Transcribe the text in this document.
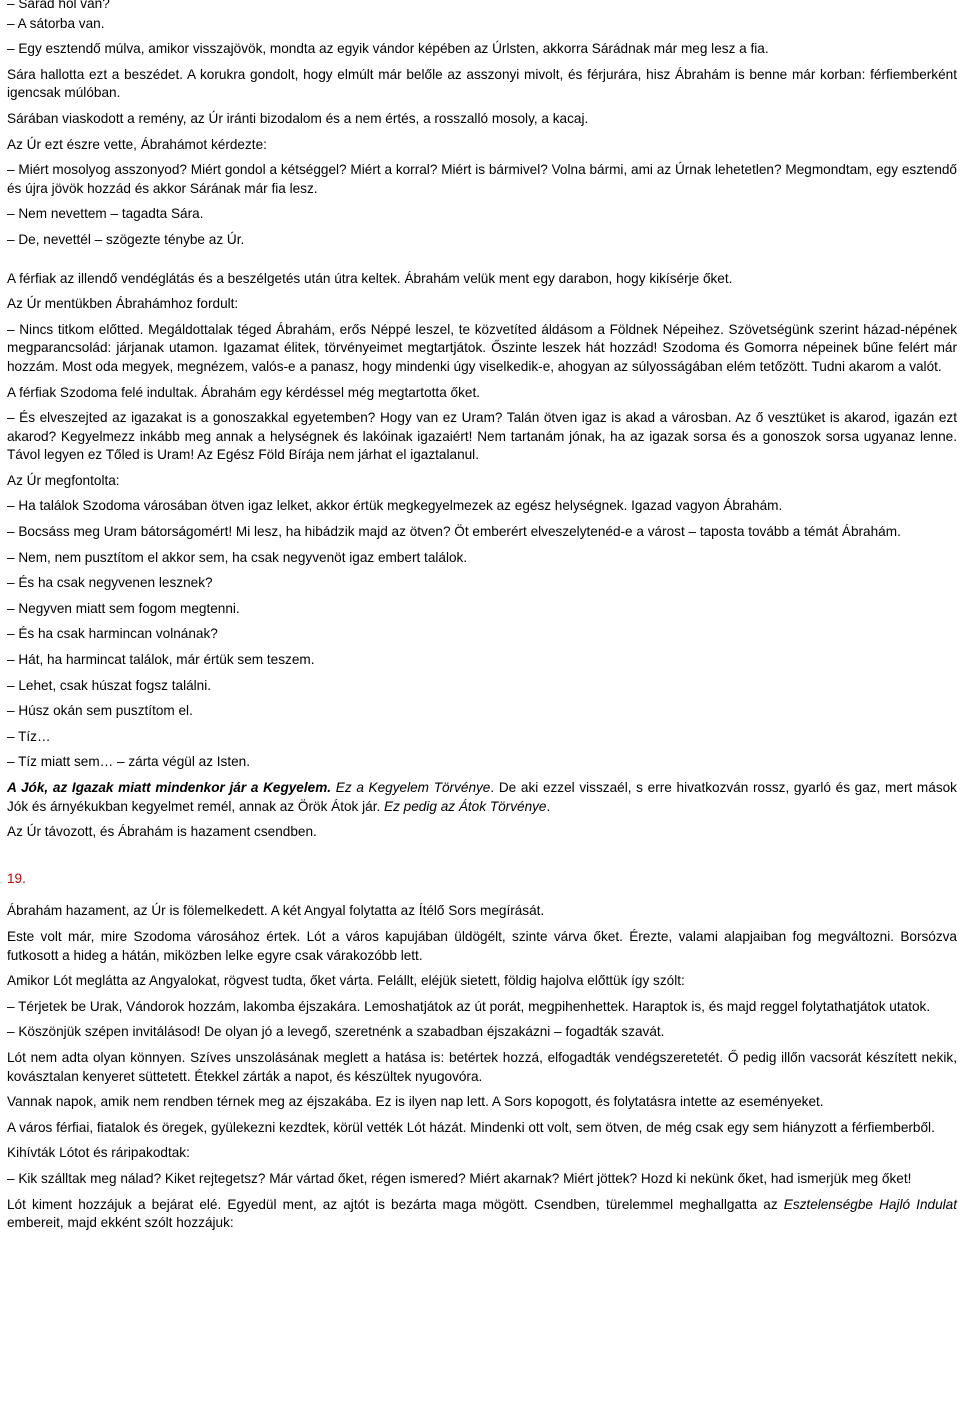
– Sárád hol van?

– A sátorba van.

– Egy esztendő múlva, amikor visszajövök, mondta az egyik vándor képében az Úrlsten, akkorra Sárádnak már meg lesz a fia.

Sára hallotta ezt a beszédet. A korukra gondolt, hogy elmúlt már belőle az asszonyi mivolt, és férjurára, hisz Ábrahám is benne már korban: férfiemberként igencsak múlóban.

Sárában viaskodott a remény, az Úr iránti bizodalom és a nem értés, a rosszalló mosoly, a kacaj.

Az Úr ezt észre vette, Ábrahámot kérdezte:

– Miért mosolyog asszonyod? Miért gondol a kétséggel? Miért a korral? Miért is bármivel? Volna bármi, ami az Úrnak lehetetlen? Megmondtam, egy esztendő és újra jövök hozzád és akkor Sárának már fia lesz.

– Nem nevettem – tagadta Sára.

– De, nevettél – szögezte ténybe az Úr.

A férfiak az illendő vendéglátás és a beszélgetés után útra keltek. Ábrahám velük ment egy darabon, hogy kikísérje őket.

Az Úr mentükben Ábrahámhoz fordult:

– Nincs titkom előtted. Megáldottalak téged Ábrahám, erős Néppé leszel, te közvetíted áldásom a Földnek Népeihez. Szövetségünk szerint házad-népének megparancsolád: járjanak utamon. Igazamat élitek, törvényeimet megtartjátok. Őszinte leszek hát hozzád! Szodoma és Gomorra népeinek bűne felért már hozzám. Most oda megyek, megnézem, valós-e a panasz, hogy mindenki úgy viselkedik-e, ahogyan az súlyosságában elém tetőzött. Tudni akarom a valót.

A férfiak Szodoma felé indultak. Ábrahám egy kérdéssel még megtartotta őket.

– És elveszejted az igazakat is a gonoszakkal egyetemben? Hogy van ez Uram? Talán ötven igaz is akad a városban. Az ő vesztüket is akarod, igazán ezt akarod? Kegyelmezz inkább meg annak a helységnek és lakóinak igazaiért! Nem tartanám jónak, ha az igazak sorsa és a gonoszok sorsa ugyanaz lenne. Távol legyen ez Tőled is Uram! Az Egész Föld Bírája nem járhat el igaztalanul.

Az Úr megfontolta:

– Ha találok Szodoma városában ötven igaz lelket, akkor értük megkegyelmezek az egész helységnek. Igazad vagyon Ábrahám.

– Bocsáss meg Uram bátorságomért! Mi lesz, ha hibádzik majd az ötven? Öt emberért elveszelytenéd-e a várost – taposta tovább a témát Ábrahám.

– Nem, nem pusztítom el akkor sem, ha csak negyvenöt igaz embert találok.

– És ha csak negyvenen lesznek?

– Negyven miatt sem fogom megtenni.

– És ha csak harmincan volnának?

– Hát, ha harmincat találok, már értük sem teszem.

– Lehet, csak húszat fogsz találni.

– Húsz okán sem pusztítom el.

– Tíz…

– Tíz miatt sem… – zárta végül az Isten.

A Jók, az Igazak miatt mindenkor jár a Kegyelem. Ez a Kegyelem Törvénye. De aki ezzel visszaél, s erre hivatkozván rossz, gyarló és gaz, mert mások Jók és árnyékukban kegyelmet remél, annak az Örök Átok jár. Ez pedig az Átok Törvénye.

Az Úr távozott, és Ábrahám is hazament csendben.

19.

Ábrahám hazament, az Úr is fölemelkedett. A két Angyal folytatta az Ítélő Sors megírását.

Este volt már, mire Szodoma városához értek. Lót a város kapujában üldögélt, szinte várva őket. Érezte, valami alapjaiban fog megváltozni. Borsózva futkosott a hideg a hátán, miközben lelke egyre csak várakozóbb lett.

Amikor Lót meglátta az Angyalokat, rögvest tudta, őket várta. Felállt, eléjük sietett, földig hajolva előttük így szólt:

– Térjetek be Urak, Vándorok hozzám, lakomba éjszakára. Lemoshatjátok az út porát, megpihenhettek. Haraptok is, és majd reggel folytathatjátok utatok.

– Köszönjük szépen invitálásod! De olyan jó a levegő, szeretnénk a szabadban éjszakázni – fogadták szavát.

Lót nem adta olyan könnyen. Szíves unszolásának meglett a hatása is: betértek hozzá, elfogadták vendégszeretetét. Ő pedig illőn vacsorát készített nekik, kovásztalan kenyeret süttetett. Étekkel zárták a napot, és készültek nyugovóra.

Vannak napok, amik nem rendben térnek meg az éjszakába. Ez is ilyen nap lett. A Sors kopogott, és folytatásra intette az eseményeket.

A város férfiai, fiatalok és öregek, gyülekezni kezdtek, körül vették Lót házát. Mindenki ott volt, sem ötven, de még csak egy sem hiányzott a férfiemberből.

Kihívták Lótot és ráripakodtak:

– Kik szálltak meg nálad? Kiket rejtegetsz? Már vártad őket, régen ismered? Miért akarnak? Miért jöttek? Hozd ki nekünk őket, had ismerjük meg őket!

Lót kiment hozzájuk a bejárat elé. Egyedül ment, az ajtót is bezárta maga mögött. Csendben, türelemmel meghallgatta az Esztelenségbe Hajló Indulat embereit, majd ekként szólt hozzájuk:
